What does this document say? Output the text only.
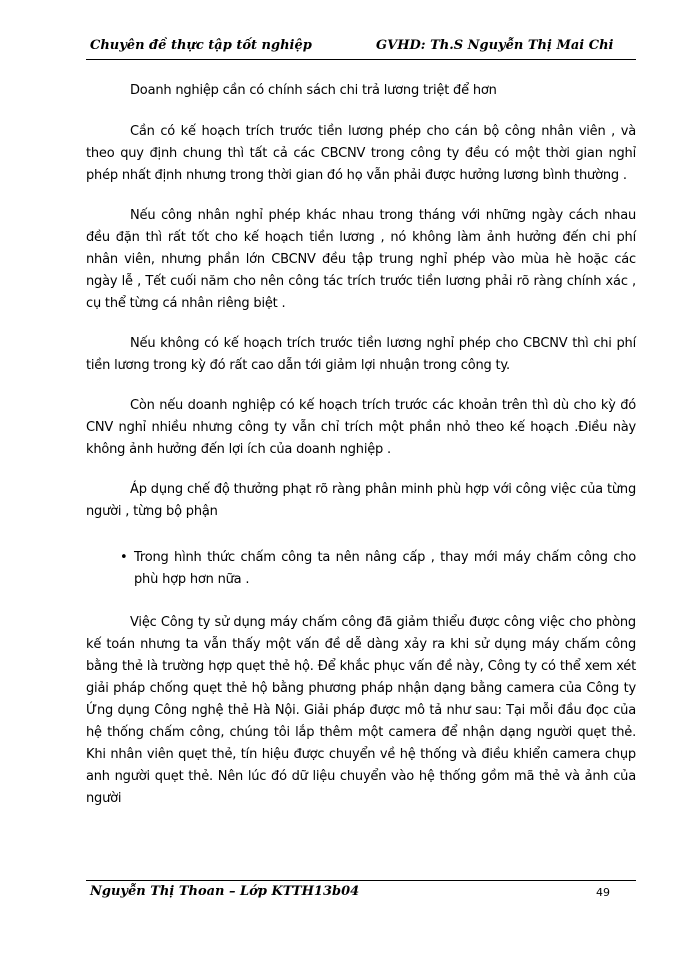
Chuyên đề thực tập tốt nghiệp	GVHD: Th.S Nguyễn Thị Mai Chi

Doanh nghiệp cần có chính sách chi trả lương triệt để hơn

Cần có kế hoạch trích trước tiền lương phép cho cán bộ công nhân viên , và theo quy định chung thì tất cả các CBCNV trong công ty đều có một thời gian nghỉ phép nhất định nhưng trong thời gian đó họ vẫn phải được hưởng lương bình thường .

Nếu công nhân nghỉ phép khác nhau trong tháng với những ngày cách nhau đều đặn thì rất tốt cho kế hoạch tiền lương , nó không làm ảnh hưởng đến chi phí nhân viên, nhưng phần lớn CBCNV đều tập trung nghỉ phép vào mùa hè hoặc các ngày lễ , Tết cuối năm cho nên công tác trích trước tiền lương phải rõ ràng chính xác , cụ thể từng cá nhân riêng biệt .

Nếu không có kế hoạch trích trước tiền lương nghỉ phép cho CBCNV thì chi phí tiền lương trong kỳ đó rất cao dẫn tới giảm lợi nhuận trong công ty.

Còn nếu doanh nghiệp có kế hoạch trích trước các khoản trên thì dù cho kỳ đó CNV nghỉ nhiều nhưng công ty vẫn chỉ trích một phần nhỏ theo kế hoạch .Điều này không ảnh hưởng đến lợi ích của doanh nghiệp .

Áp dụng chế độ thưởng phạt rõ ràng phân minh phù hợp với công việc của từng người , từng bộ phận

• Trong hình thức chấm công ta nên nâng cấp , thay mới máy chấm công cho phù hợp hơn nữa .

Việc Công ty sử dụng máy chấm công đã giảm thiểu được công việc cho phòng kế toán nhưng ta vẫn thấy một vấn đề dễ dàng xảy ra khi sử dụng máy chấm công bằng thẻ là trường hợp quẹt thẻ hộ. Để khắc phục vấn đề này, Công ty có thể xem xét giải pháp chống quẹt thẻ hộ bằng phương pháp nhận dạng bằng camera của Công ty Ứng dụng Công nghệ thẻ Hà Nội. Giải pháp được mô tả như sau: Tại mỗi đầu đọc của hệ thống chấm công, chúng tôi lắp thêm một camera để nhận dạng người quẹt thẻ. Khi nhân viên quẹt thẻ, tín hiệu được chuyển về hệ thống và điều khiển camera chụp anh người quẹt thẻ. Nên lúc đó dữ liệu chuyển vào hệ thống gồm mã thẻ và ảnh của người

Nguyễn Thị Thoan – Lớp KTTH13b04	49
